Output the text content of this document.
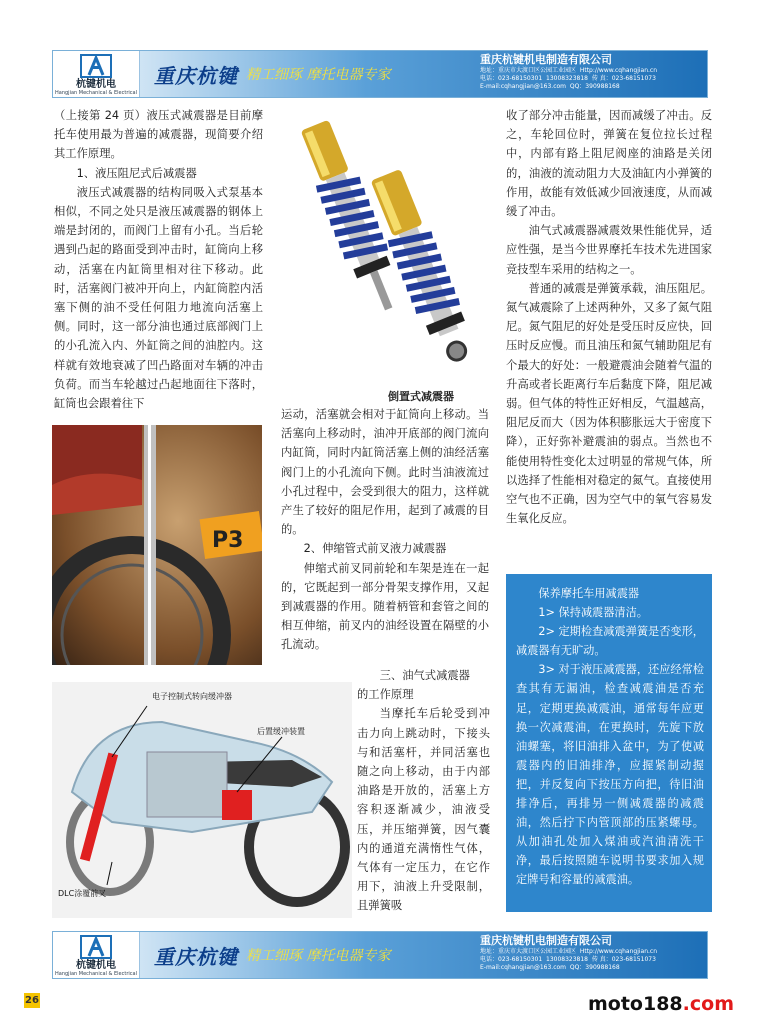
杭键机电
Hangjian Mechanical & Electrical
重庆杭键 精工细琢 摩托电器专家
重庆杭键机电制造有限公司
地址：重庆市大渡口区公园工业园区 Http://www.cqhangjian.cn
电话：023-68150301 13008323818 传 真：023-68151073
E-mail:cqhangjian@163.com QQ：390988168

（上接第 24 页）液压式减震器是目前摩托车使用最为普遍的减震器，现简要介绍其工作原理。

1、液压阻尼式后减震器

液压式减震器的结构同吸入式泵基本相似，不同之处只是液压减震器的钢体上端是封闭的，而阀门上留有小孔。当后轮遇到凸起的路面受到冲击时，缸筒向上移动，活塞在内缸筒里相对往下移动。此时，活塞阀门被冲开向上，内缸筒腔内活塞下侧的油不受任何阻力地流向活塞上侧。同时，这一部分油也通过底部阀门上的小孔流入内、外缸筒之间的油腔内。这样就有效地衰减了凹凸路面对车辆的冲击负荷。而当车轮越过凸起地面往下落时，缸筒也会跟着往下

P3
倒置式减震器

运动，活塞就会相对于缸筒向上移动。当活塞向上移动时，油冲开底部的阀门流向内缸筒，同时内缸筒活塞上侧的油经活塞阀门上的小孔流向下侧。此时当油液流过小孔过程中，会受到很大的阻力，这样就产生了较好的阻尼作用，起到了减震的目的。

2、伸缩管式前叉液力减震器

伸缩式前叉同前轮和车架是连在一起的，它既起到一部分骨架支撑作用，又起到减震器的作用。随着柄管和套管之间的相互伸缩，前叉内的油经设置在隔壁的小孔流动。

电子控制式转向缓冲器
后置缓冲装置
DLC涂覆前叉

三、油气式减震器

的工作原理

当摩托车后轮受到冲击力向上跳动时，下接头与和活塞杆，并同活塞也随之向上移动，由于内部油路是开放的，活塞上方容积逐渐减少，油液受压，并压缩弹簧，因气囊内的通道充满惰性气体，气体有一定压力，在它作用下，油液上升受限制，且弹簧吸

收了部分冲击能量，因而减缓了冲击。反之，车轮回位时，弹簧在复位拉长过程中，内部有路上阻尼阀座的油路是关闭的，油液的流动阻力大及油缸内小弹簧的作用，故能有效低减少回液速度，从而减缓了冲击。

油气式减震器减震效果性能优异，适应性强，是当今世界摩托车技术先进国家竞技型车采用的结构之一。

普通的减震是弹簧承载，油压阻尼。氮气减震除了上述两种外，又多了氮气阻尼。氮气阻尼的好处是受压时反应快，回压时反应慢。而且油压和氮气辅助阻尼有个最大的好处：一般避震油会随着气温的升高或者长距离行车后黏度下降，阻尼减弱。但气体的特性正好相反，气温越高，阻尼反而大（因为体积膨胀远大于密度下降），正好弥补避震油的弱点。当然也不能使用特性变化太过明显的常规气体，所以选择了性能相对稳定的氮气。直接使用空气也不正确，因为空气中的氧气容易发生氧化反应。

保养摩托车用减震器

1> 保持减震器清洁。

2> 定期检查减震弹簧是否变形，减震器有无旷动。

3> 对于液压减震器，还应经常检查其有无漏油，检查减震油是否充足，定期更换减震油，通常每年应更换一次减震油，在更换时，先旋下放油螺塞，将旧油排入盆中，为了使减震器内的旧油排净，应握紧制动握把，并反复向下按压方向把，待旧油排净后，再排另一侧减震器的减震油，然后拧下内管顶部的压紧螺母。从加油孔处加入煤油或汽油清洗干净，最后按照随车说明书要求加入规定牌号和容量的减震油。

杭键机电
Hangjian Mechanical & Electrical
重庆杭键 精工细琢 摩托电器专家
重庆杭键机电制造有限公司
地址：重庆市大渡口区公园工业园区 Http://www.cqhangjian.cn
电话：023-68150301 13008323818 传 真：023-68151073
E-mail:cqhangjian@163.com QQ：390988168
26	moto188.com
